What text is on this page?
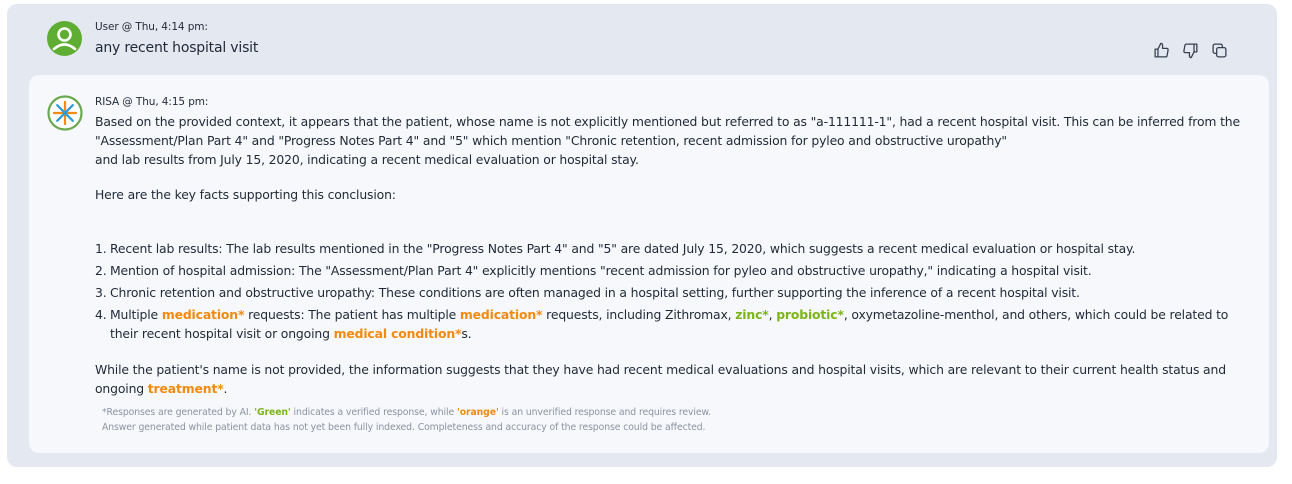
User @ Thu, 4:14 pm:
any recent hospital visit
RISA @ Thu, 4:15 pm:

Based on the provided context, it appears that the patient, whose name is not explicitly mentioned but referred to as "a-111111-1", had a recent hospital visit. This can be inferred from the "Assessment/Plan Part 4" and "Progress Notes Part 4" and "5" which mention "Chronic retention, recent admission for pyleo and obstructive uropathy"

and lab results from July 15, 2020, indicating a recent medical evaluation or hospital stay.

Here are the key facts supporting this conclusion:

1. Recent lab results: The lab results mentioned in the "Progress Notes Part 4" and "5" are dated July 15, 2020, which suggests a recent medical evaluation or hospital stay.
2. Mention of hospital admission: The "Assessment/Plan Part 4" explicitly mentions "recent admission for pyleo and obstructive uropathy," indicating a hospital visit.
3. Chronic retention and obstructive uropathy: These conditions are often managed in a hospital setting, further supporting the inference of a recent hospital visit.
4. Multiple medication* requests: The patient has multiple medication* requests, including Zithromax, zinc*, probiotic*, oxymetazoline-menthol, and others, which could be related to their recent hospital visit or ongoing medical condition*s.

While the patient's name is not provided, the information suggests that they have had recent medical evaluations and hospital visits, which are relevant to their current health status and ongoing treatment*.

*Responses are generated by AI. 'Green' indicates a verified response, while 'orange' is an unverified response and requires review.
Answer generated while patient data has not yet been fully indexed. Completeness and accuracy of the response could be affected.
